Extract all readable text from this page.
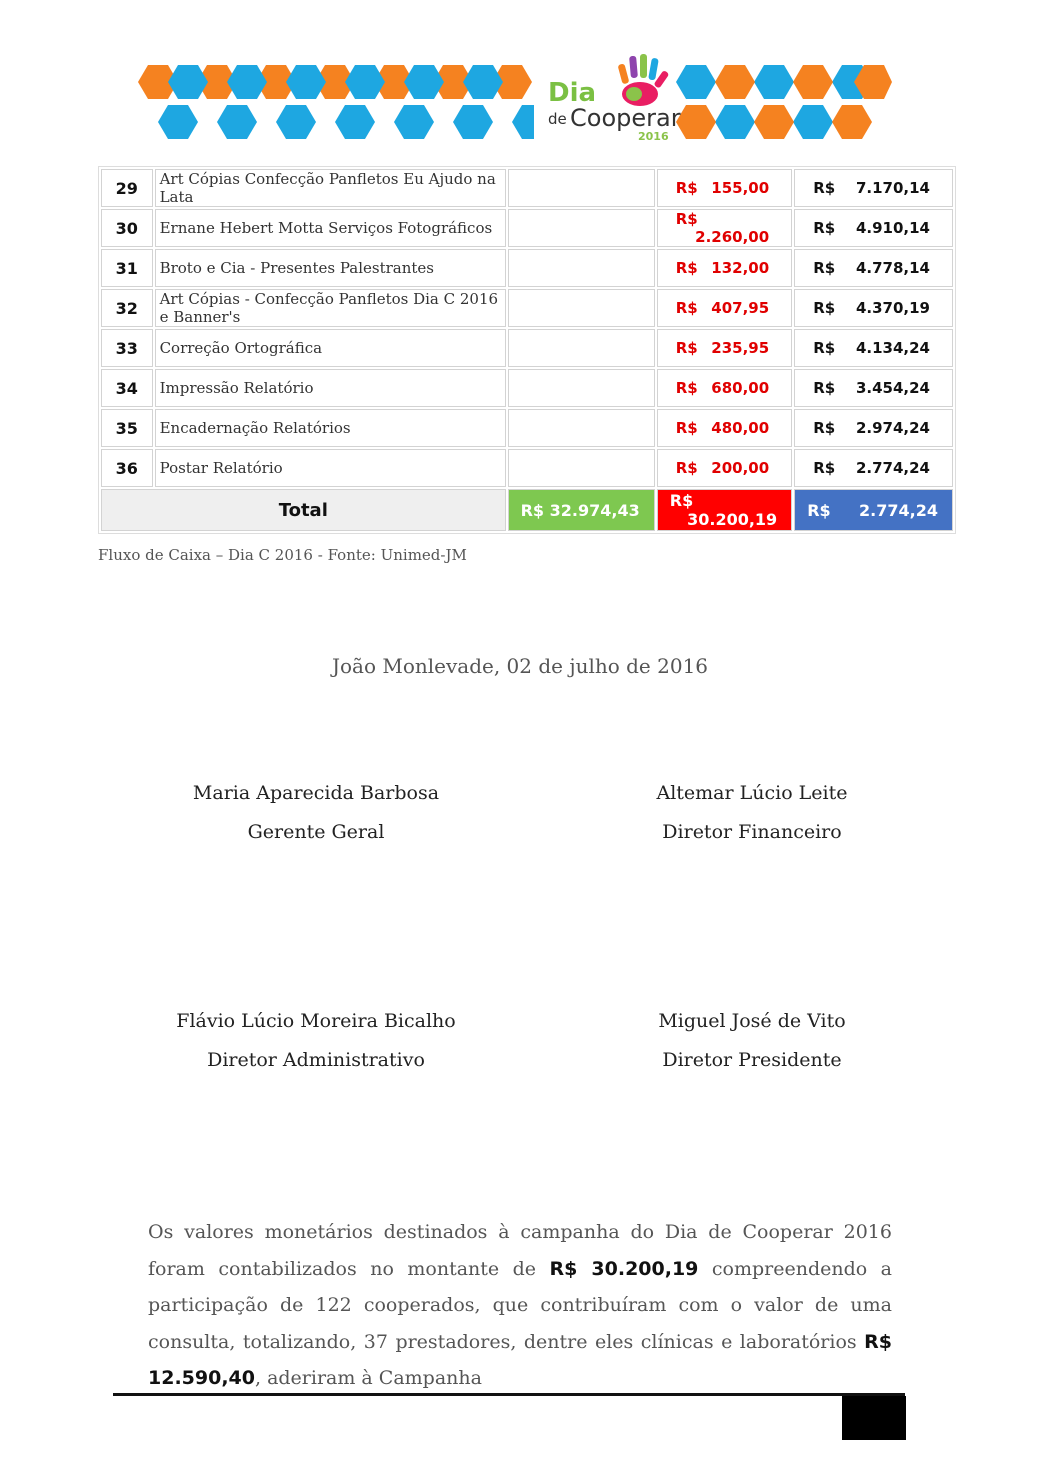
Dia
de Cooperar
2016
29	Art Cópias Confecção Panfletos Eu Ajudo na Lata		R$ 155,00	R$ 7.170,14

30	Ernane Hebert Motta Serviços Fotográficos		R$
2.260,00	R$ 4.910,14

31	Broto e Cia - Presentes Palestrantes		R$ 132,00	R$ 4.778,14

32	Art Cópias - Confecção Panfletos Dia C 2016 e Banner's		R$ 407,95	R$ 4.370,19

33	Correção Ortográfica		R$ 235,95	R$ 4.134,24

34	Impressão Relatório		R$ 680,00	R$ 3.454,24

35	Encadernação Relatórios		R$ 480,00	R$ 2.974,24

36	Postar Relatório		R$ 200,00	R$ 2.774,24

Total		R$ 32.974,43	R$
30.200,19	R$ 2.774,24
Fluxo de Caixa – Dia C 2016 - Fonte: Unimed-JM
João Monlevade, 02 de julho de 2016
Maria Aparecida Barbosa
Gerente Geral
Altemar Lúcio Leite
Diretor Financeiro
Flávio Lúcio Moreira Bicalho
Diretor Administrativo
Miguel José de Vito
Diretor Presidente
Os valores monetários destinados à campanha do Dia de Cooperar 2016 foram contabilizados no montante de R$ 30.200,19 compreendendo a participação de 122 cooperados, que contribuíram com o valor de uma consulta, totalizando, 37 prestadores, dentre eles clínicas e laboratórios R$ 12.590,40, aderiram à Campanha
